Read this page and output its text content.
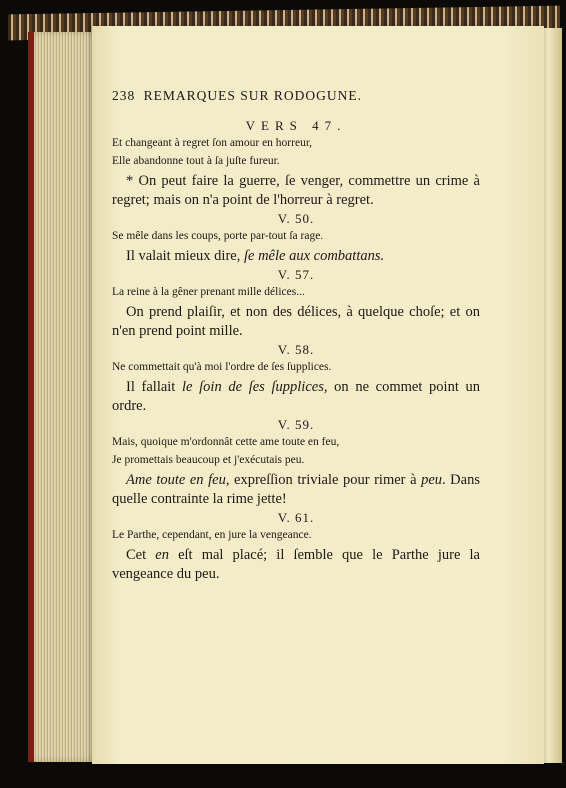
238 REMARQUES SUR RODOGUNE.
VERS 47.

Et changeant à regret ſon amour en horreur,

Elle abandonne tout à ſa juſte fureur.

* On peut faire la guerre, ſe venger, commettre un crime à regret; mais on n'a point de l'horreur à regret.

V. 50.

Se mêle dans les coups, porte par-tout ſa rage.

Il valait mieux dire, ſe mêle aux combattans.

V. 57.

La reine à la gêner prenant mille délices...

On prend plaiſir, et non des délices, à quelque choſe; et on n'en prend point mille.

V. 58.

Ne commettait qu'à moi l'ordre de ſes ſupplices.

Il fallait le ſoin de ſes ſupplices, on ne commet point un ordre.

V. 59.

Mais, quoique m'ordonnât cette ame toute en feu,

Je promettais beaucoup et j'exécutais peu.

Ame toute en feu, expreſſion triviale pour rimer à peu. Dans quelle contrainte la rime jette!

V. 61.

Le Parthe, cependant, en jure la vengeance.

Cet en eſt mal placé; il ſemble que le Parthe jure la vengeance du peu.
